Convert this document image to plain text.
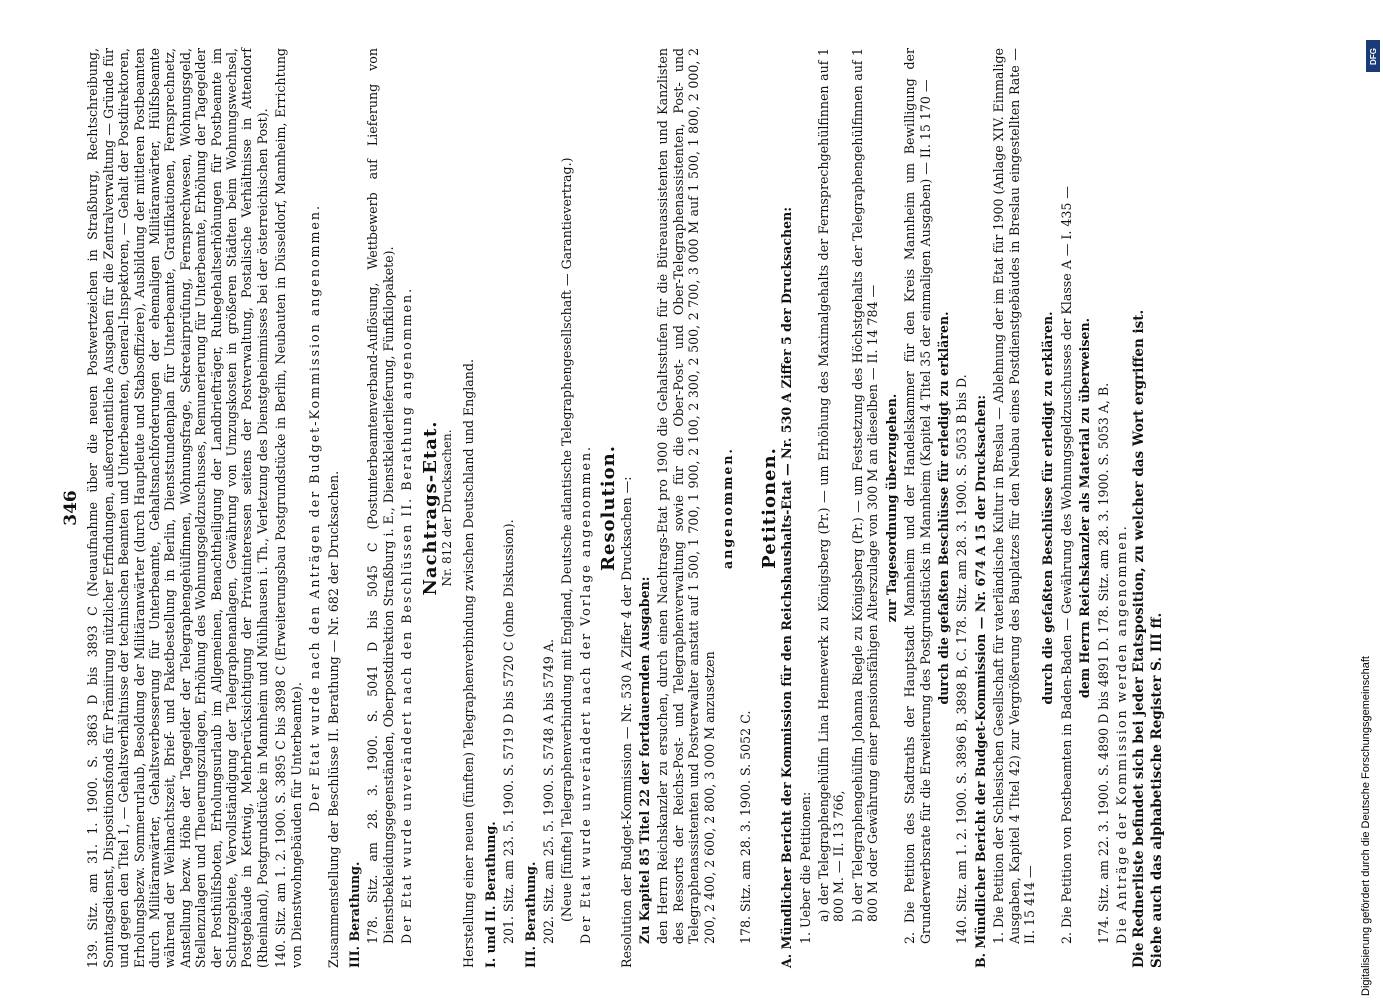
346 139. Sitz. am 31. 1. 1900. S. 3863 D bis 3893 C (Neuaufnahme über die neuen Postwertzeichen in Straßburg, Rechtschreibung, Sonntagsdienst, Dispositionsfonds für Prämiirung nützlicher Erfindungen, außerordentliche Ausgaben für die Zentralverwaltung — Gründe für und gegen den Titel 1, — Gehaltsverhältnisse der technischen Beamten und Unterbeamten, General-Inspektoren, — Gehalt der Postdirektoren, Erholungsbezw. Sommerurlaub, Besoldung der Militäranwärter (durch Hauptleute und Stabsoffiziere), Ausbildung der mittleren Postbeamten durch Militäranwärter, Gehaltsverbesserung für Unterbeamte, Gehaltsnachforderungen der ehemaligen Militäranwärter, Hülfsbeamte während der Weihnachtszeit, Brief- und Paketbestellung in Berlin, Dienststundenplan für Unterbeamte, Gratifikationen, Fernsprechnetz, Anstellung bezw. Höhe der Tagegelder der Telegraphengehülfinnen, Wohnungsfrage, Sekretairprüfung, Fernsprechwesen, Wohnungsgeld, Stellenzulagen und Theuerungszulagen, Erhöhung des Wohnungsgeldzuschusses, Remunerierung für Unterbeamte, Erhöhung der Tagegelder der Posthülfsboten, Erholungsurlaub im Allgemeinen, Benachtheiligung der Landbriefträger, Ruhegehaltserhöhungen für Postbeamte im Schutzgebiete, Vervollständigung der Telegraphenanlagen, Gewährung von Umzugskosten in größeren Städten beim Wohnungswechsel, Postgebäude in Kettwig, Mehrberücksichtigung der Privatinteressen seitens der Postverwaltung, Postalische Verhältnisse in Attendorf (Rheinland), Postgrundstücke in Mannheim und Mühlhausen i. Th., Verletzung des Dienstgeheimnisses bei der österreichischen Post). 140. Sitz. am 1. 2. 1900. S. 3895 C bis 3898 C (Erweiterungsbau Postgrundstücke in Berlin, Neubauten in Düsseldorf, Mannheim, Errichtung von Dienstwohngebäuden für Unterbeamte).

Der Etat wurde nach den Anträgen der Budget-Kommission angenommen. Zusammenstellung der Beschlüsse II. Berathung — Nr. 682 der Drucksachen. III. Berathung. 178. Sitz. am 28. 3. 1900. S. 5041 D bis 5045 C (Postunterbeamtenverband-Auflösung, Wettbewerb auf Lieferung von Dienstbekleidungsgegenständen, Oberpostdirektion Straßburg i. E., Dienstkleiderlieferung, Fünfkilopakete). Der Etat wurde unverändert nach den Beschlüssen II. Berathung angenommen. Nachtrags-Etat. Nr. 812 der Drucksachen. Herstellung einer neuen (fünften) Telegraphenverbindung zwischen Deutschland und England. I. und II. Berathung. 201. Sitz. am 23. 5. 1900. S. 5719 D bis 5720 C (ohne Diskussion). III. Berathung. 202. Sitz. am 25. 5. 1900. S. 5748 A bis 5749 A. (Neue [fünfte] Telegraphenverbindung mit England, Deutsche atlantische Telegraphengesellschaft — Garantievertrag.) Der Etat wurde unverändert nach der Vorlage angenommen. Resolution. Resolution der Budget-Kommission — Nr. 530 A Ziffer 4 der Drucksachen —: Zu Kapitel 85 Titel 22 der fortdauernden Ausgaben: den Herrn Reichskanzler zu ersuchen, durch einen Nachtrags-Etat pro 1900 die Gehaltsstufen für die Büreauassistenten und Kanzlisten des Ressorts der Reichs-Post- und Telegraphenverwaltung sowie für die Ober-Post- und Ober-Telegraphenassistenten, Post- und Telegraphenassistenten und Postverwalter anstatt auf 1 500, 1 700, 1 900, 2 100, 2 300, 2 500, 2 700, 3 000 M auf 1 500, 1 800, 2 000, 2 200, 2 400, 2 600, 2 800, 3 000 M anzusetzen

angenommen.

178. Sitz. am 28. 3. 1900. S. 5052 C.

Petitionen. A. Mündlicher Bericht der Kommission für den Reichshaushalts-Etat — Nr. 530 A Ziffer 5 der Drucksachen: 1. Ueber die Petitionen: a) der Telegraphengehülfin Lina Hennewerk zu Königsberg (Pr.) — um Erhöhung des Maximalgehalts der Fernsprechgehülfinnen auf 1 800 M. — II. 13 766, b) der Telegraphengehülfin Johanna Riegle zu Königsberg (Pr.) — um Festsetzung des Höchstgehalts der Telegraphengehülfinnen auf 1 800 M oder Gewährung einer pensionsfähigen Alterszulage von 300 M an dieselben — II. 14 784 — zur Tagesordnung überzugehen. 2. Die Petition des Stadtraths der Hauptstadt Mannheim und der Handelskammer für den Kreis Mannheim um Bewilligung der Grunderwerbsrate für die Erweiterung des Postgrundstücks in Mannheim (Kapitel 4 Titel 35 der einmaligen Ausgaben) — II. 15 170 — durch die gefaßten Beschlüsse für erledigt zu erklären. 140. Sitz. am 1. 2. 1900. S. 3896 B, 3898 B, C. 178. Sitz. am 28. 3. 1900. S. 5053 B bis D. B. Mündlicher Bericht der Budget-Kommission — Nr. 674 A 15 der Drucksachen: 1. Die Petition der Schlesischen Gesellschaft für vaterländische Kultur in Breslau — Ablehnung der im Etat für 1900 (Anlage XIV. Einmalige Ausgaben, Kapitel 4 Titel 42) zur Vergrößerung des Bauplatzes für den Neubau eines Postdienstgebäudes in Breslau eingestellten Rate — II. 15 414 —

durch die gefaßten Beschlüsse für erledigt zu erklären. 2. Die Petition von Postbeamten in Baden-Baden — Gewährung des Wohnungsgeldzuschusses der Klasse A — I. 435 — dem Herrn Reichskanzler als Material zu überweisen. 174. Sitz. am 22. 3. 1900. S. 4890 D bis 4891 D. 178. Sitz. am 28. 3. 1900. S. 5053 A, B. Die Anträge der Kommission werden angenommen. Die Rednerliste befindet sich bei jeder Etatsposition, zu welcher das Wort ergriffen ist. Siehe auch das alphabetische Register S. III ff.

DFG
Digitalisierung gefördert durch die Deutsche Forschungsgemeinschaft
